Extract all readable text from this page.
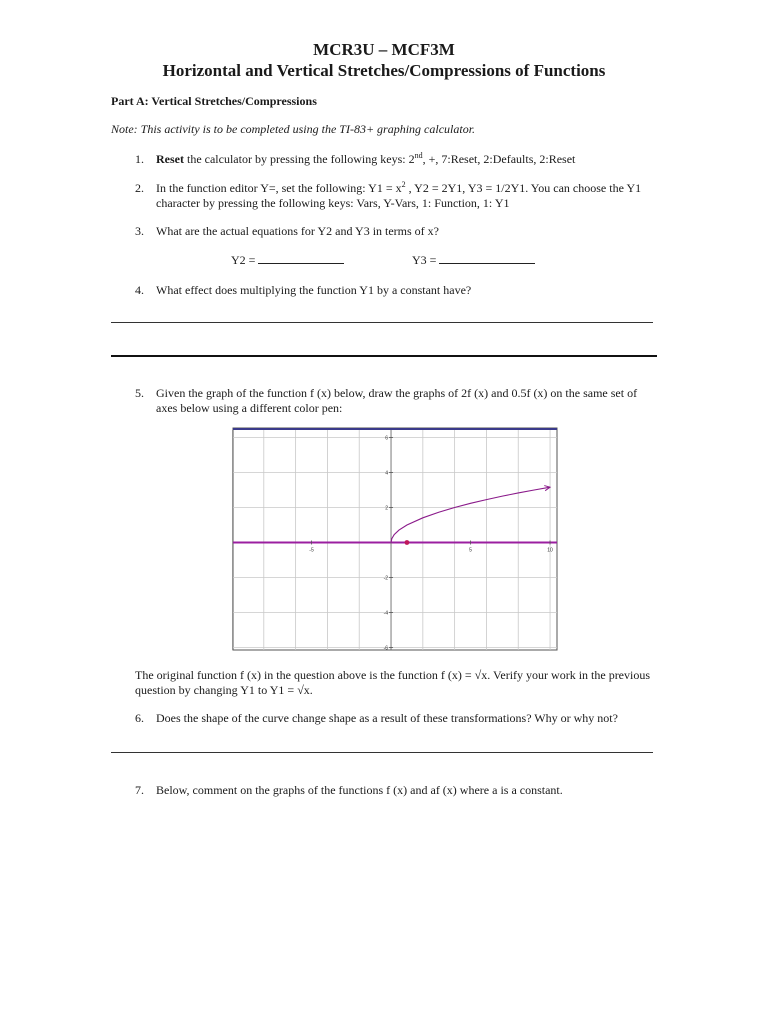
MCR3U – MCF3M
Horizontal and Vertical Stretches/Compressions of Functions
Part A: Vertical Stretches/Compressions
Note: This activity is to be completed using the TI-83+ graphing calculator.
1.	Reset the calculator by pressing the following keys: 2nd, +, 7:Reset, 2:Defaults, 2:Reset
2.	In the function editor Y=, set the following: $Y1 = x^2$ , Y2 = 2Y1, Y3 = 1/2Y1. You can choose the Y1 character by pressing the following keys: Vars, Y-Vars, 1: Function, 1: Y1
3.	What are the actual equations for Y2 and Y3 in terms of x?
Y2 =	Y3 =
4.	What effect does multiplying the function Y1 by a constant have?
5.	Given the graph of the function f (x) below, draw the graphs of 2f (x) and 0.5f (x) on the same set of axes below using a different color pen:
-5	5	10
6
4
2
-2
-4
-6
The original function f (x) in the question above is the function f (x) = √x. Verify your work in the previous question by changing Y1 to Y1 = √x.
6.	Does the shape of the curve change shape as a result of these transformations? Why or why not?
7.	Below, comment on the graphs of the functions f (x) and af (x) where a is a constant.
